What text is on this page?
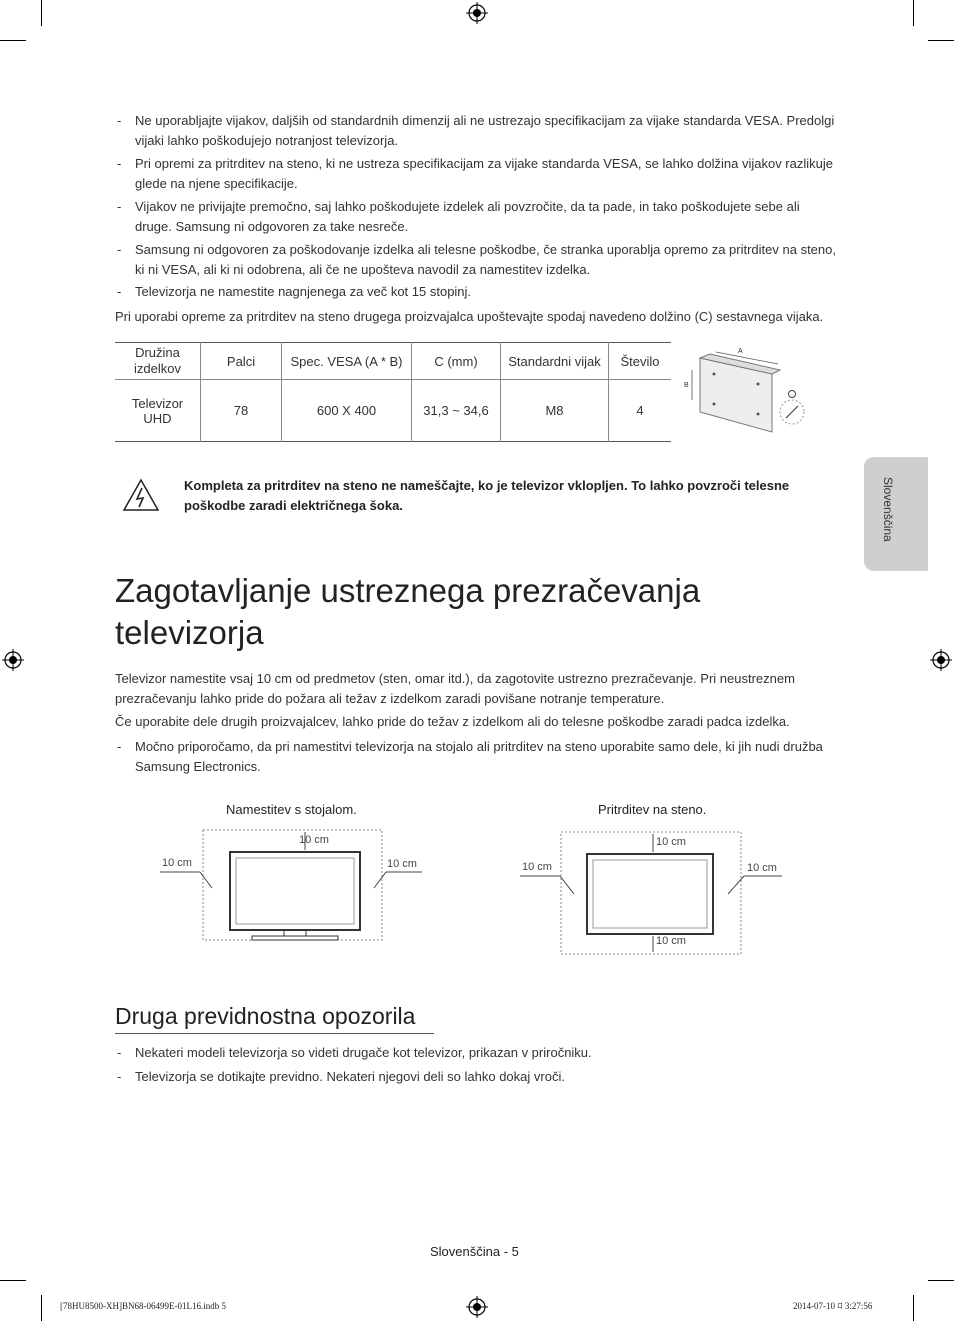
- Ne uporabljajte vijakov, daljših od standardnih dimenzij ali ne ustrezajo specifikacijam za vijake standarda VESA. Predolgi vijaki lahko poškodujejo notranjost televizorja.
- Pri opremi za pritrditev na steno, ki ne ustreza specifikacijam za vijake standarda VESA, se lahko dolžina vijakov razlikuje glede na njene specifikacije.
- Vijakov ne privijajte premočno, saj lahko poškodujete izdelek ali povzročite, da ta pade, in tako poškodujete sebe ali druge. Samsung ni odgovoren za take nesreče.
- Samsung ni odgovoren za poškodovanje izdelka ali telesne poškodbe, če stranka uporablja opremo za pritrditev na steno, ki ni VESA, ali ki ni odobrena, ali če ne upošteva navodil za namestitev izdelka.
- Televizorja ne namestite nagnjenega za več kot 15 stopinj.
Pri uporabi opreme za pritrditev na steno drugega proizvajalca upoštevajte spodaj navedeno dolžino (C) sestavnega vijaka.
Družina izdelkov	Palci	Spec. VESA (A * B)	C (mm)	Standardni vijak	Število
Televizor UHD	78	600 X 400	31,3 ~ 34,6	M8	4
A
B
Kompleta za pritrditev na steno ne nameščajte, ko je televizor vklopljen. To lahko povzroči telesne poškodbe zaradi električnega šoka.	Slovenščina
Zagotavljanje ustreznega prezračevanja televizorja
Televizor namestite vsaj 10 cm od predmetov (sten, omar itd.), da zagotovite ustrezno prezračevanje. Pri neustreznem prezračevanju lahko pride do požara ali težav z izdelkom zaradi povišane notranje temperature.
Če uporabite dele drugih proizvajalcev, lahko pride do težav z izdelkom ali do telesne poškodbe zaradi padca izdelka.
- Močno priporočamo, da pri namestitvi televizorja na stojalo ali pritrditev na steno uporabite samo dele, ki jih nudi družba Samsung Electronics.
Namestitev s stojalom.
10 cm
10 cm	10 cm
Pritrditev na steno.
10 cm
10 cm	10 cm
10 cm
Druga previdnostna opozorila
- Nekateri modeli televizorja so videti drugače kot televizor, prikazan v priročniku.
- Televizorja se dotikajte previdno. Nekateri njegovi deli so lahko dokaj vroči.
Slovenščina - 5
[78HU8500-XH]BN68-06499E-01L16.indb 5	2014-07-10 ꕼ 3:27:56
